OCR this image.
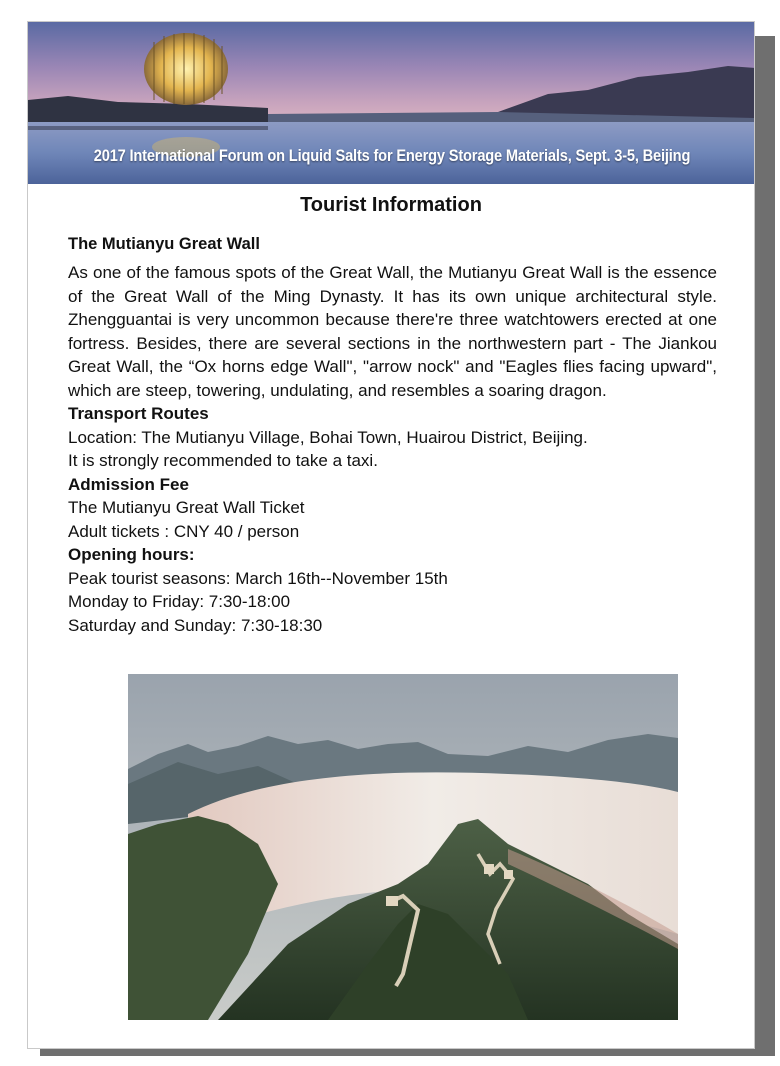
2017 International Forum on Liquid Salts for Energy Storage Materials, Sept. 3-5, Beijing
Tourist Information

The Mutianyu Great Wall

As one of the famous spots of the Great Wall, the Mutianyu Great Wall is the essence of the Great Wall of the Ming Dynasty. It has its own unique architectural style. Zhengguantai is very uncommon because there're three watchtowers erected at one fortress. Besides, there are several sections in the northwestern part - The Jiankou Great Wall, the “Ox horns edge Wall", "arrow nock" and "Eagles flies facing upward", which are steep, towering, undulating, and resembles a soaring dragon.

Transport Routes

Location: The Mutianyu Village, Bohai Town, Huairou District, Beijing.

It is strongly recommended to take a taxi.

Admission Fee

The Mutianyu Great Wall Ticket

Adult tickets : CNY 40 / person

Opening hours:

Peak tourist seasons: March 16th--November 15th

Monday to Friday: 7:30-18:00

Saturday and Sunday: 7:30-18:30
